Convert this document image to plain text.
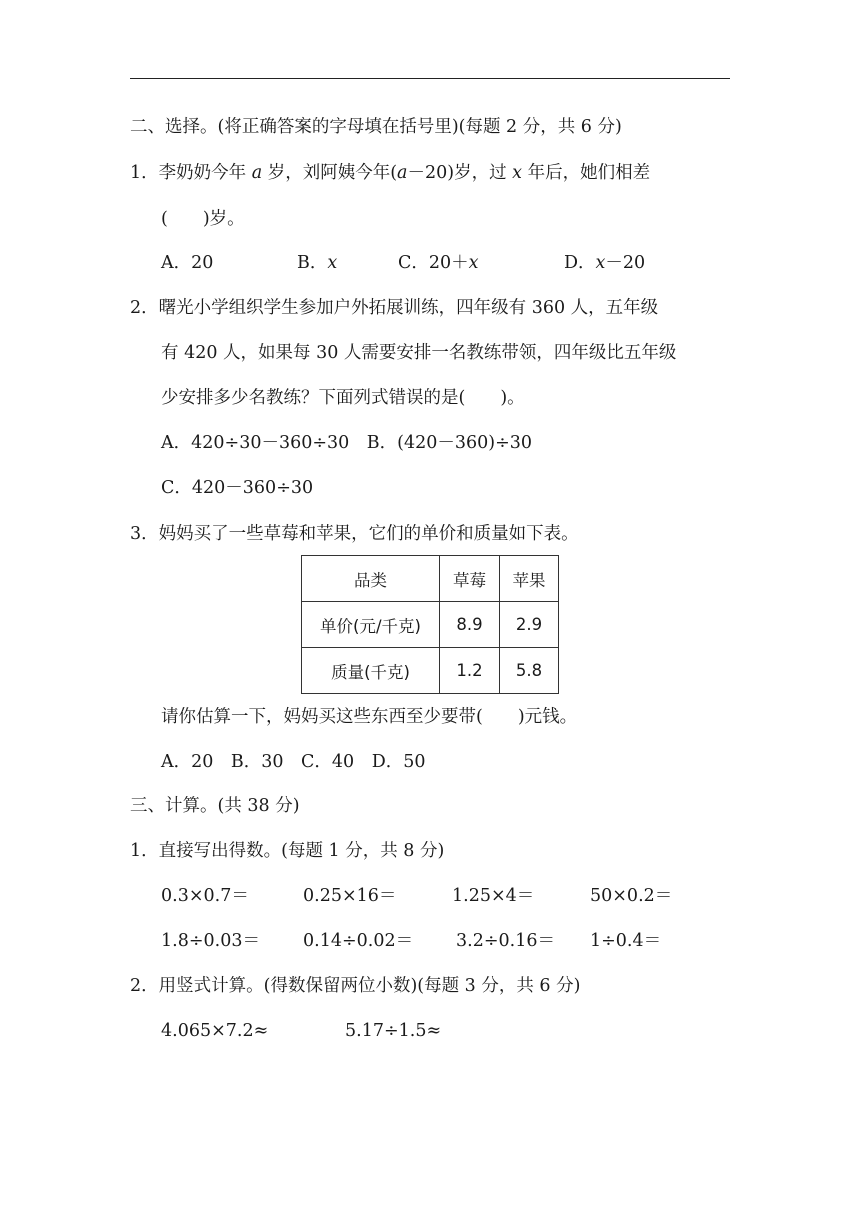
二、选择。(将正确答案的字母填在括号里)(每题 2 分，共 6 分)
1．李奶奶今年 a 岁，刘阿姨今年(a－20)岁，过 x 年后，她们相差
(　　)岁。
A．20	B．x	C．20＋x	D．x－20
2．曙光小学组织学生参加户外拓展训练，四年级有 360 人，五年级
有 420 人，如果每 30 人需要安排一名教练带领，四年级比五年级
少安排多少名教练？下面列式错误的是(　　)。
A．420÷30－360÷30　B．(420－360)÷30
C．420－360÷30
3．妈妈买了一些草莓和苹果，它们的单价和质量如下表。
品类	草莓	苹果
单价(元/千克)	8.9	2.9
质量(千克)	1.2	5.8
请你估算一下，妈妈买这些东西至少要带(　　)元钱。
A．20　B．30　C．40　D．50
三、计算。(共 38 分)
1．直接写出得数。(每题 1 分，共 8 分)
0.3×0.7＝	0.25×16＝	1.25×4＝	50×0.2＝
1.8÷0.03＝ 0.14÷0.02＝ 3.2÷0.16＝ 1÷0.4＝
2．用竖式计算。(得数保留两位小数)(每题 3 分，共 6 分)
4.065×7.2≈	5.17÷1.5≈
